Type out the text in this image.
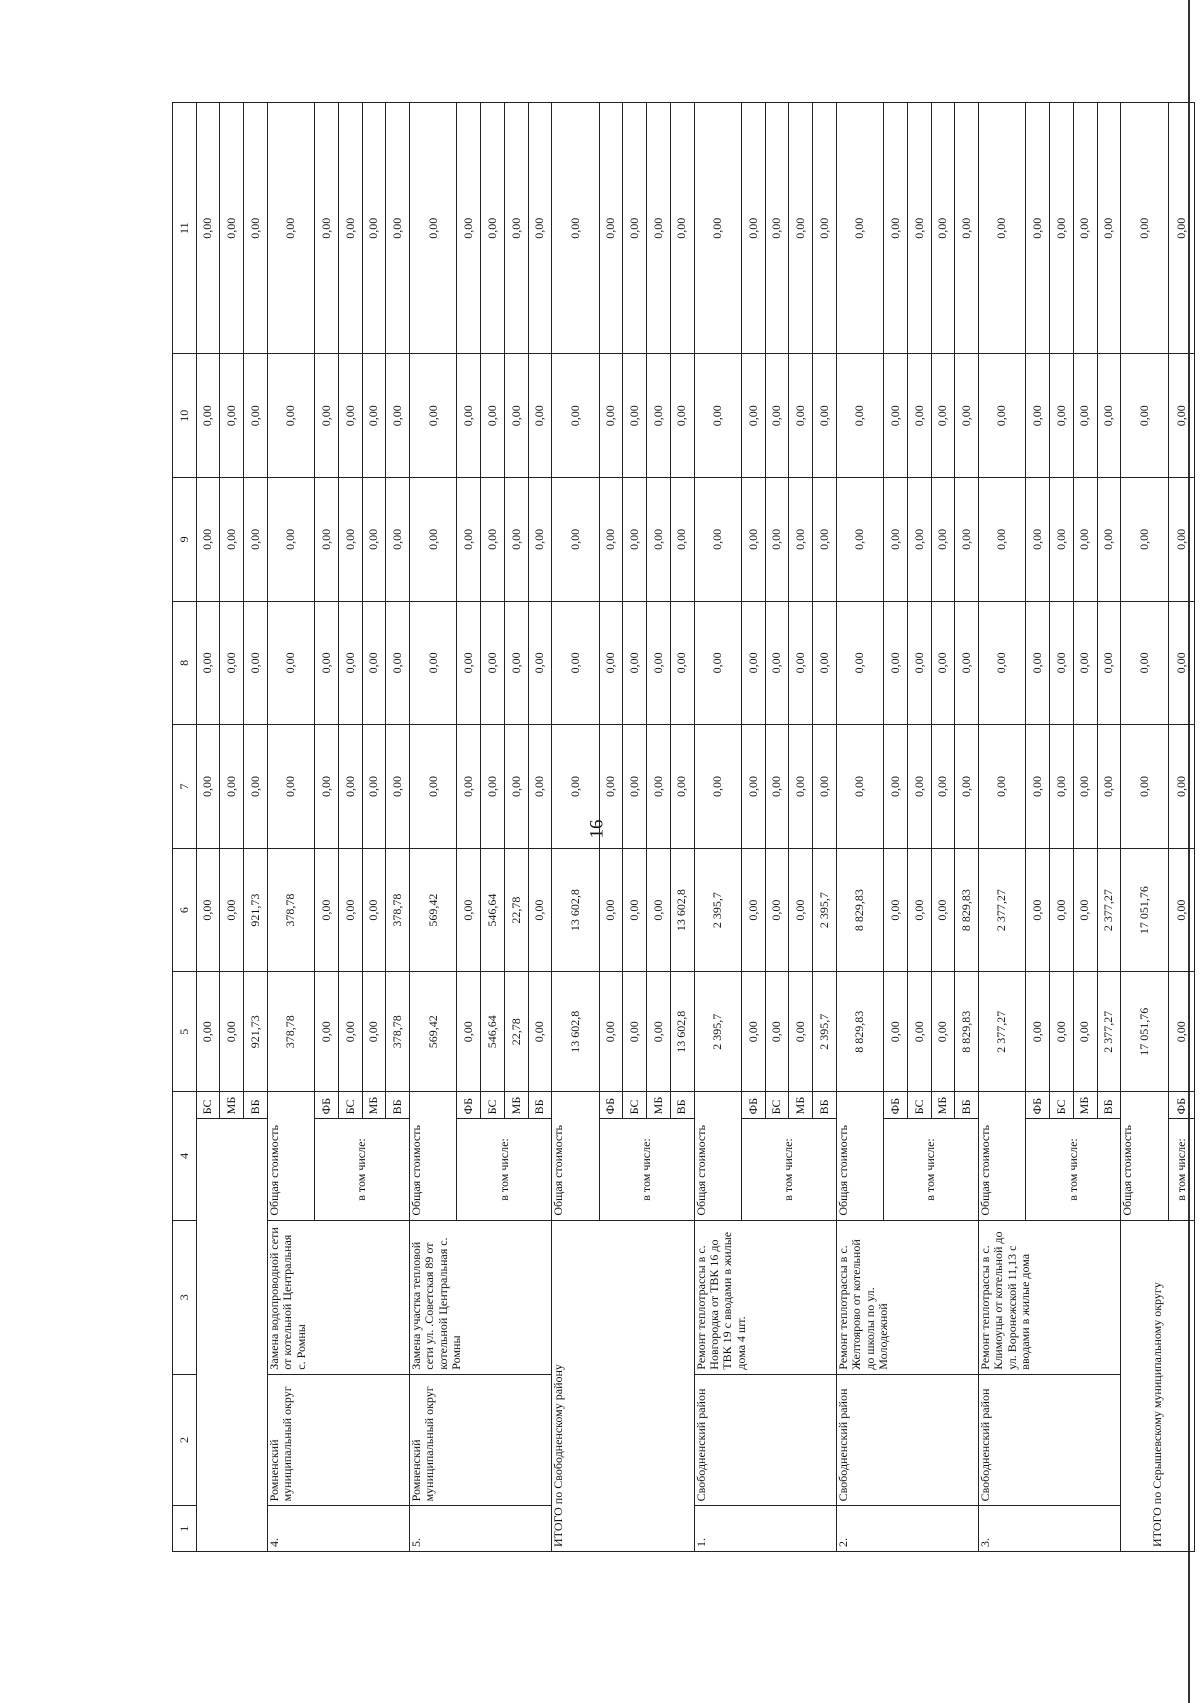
16
1	2	3	4		5	6	7	8	9	10	11
				БС	0,00	0,00	0,00	0,00	0,00	0,00	0,00
				МБ	0,00	0,00	0,00	0,00	0,00	0,00	0,00
				ВБ	921,73	921,73	0,00	0,00	0,00	0,00	0,00
4.	Ромненский муниципальный округ	Замена водопроводной сети от котельной Центральная с. Ромны	Общая стоимость		378,78	378,78	0,00	0,00	0,00	0,00	0,00
			в том числе:	ФБ	0,00	0,00	0,00	0,00	0,00	0,00	0,00
				БС	0,00	0,00	0,00	0,00	0,00	0,00	0,00
				МБ	0,00	0,00	0,00	0,00	0,00	0,00	0,00
				ВБ	378,78	378,78	0,00	0,00	0,00	0,00	0,00
5.	Ромненский муниципальный округ	Замена участка тепловой сети ул. .Советская 89 от котельной Центральная с. Ромны	Общая стоимость		569,42	569,42	0,00	0,00	0,00	0,00	0,00
			в том числе:	ФБ	0,00	0,00	0,00	0,00	0,00	0,00	0,00
				БС	546,64	546,64	0,00	0,00	0,00	0,00	0,00
				МБ	22,78	22,78	0,00	0,00	0,00	0,00	0,00
				ВБ	0,00	0,00	0,00	0,00	0,00	0,00	0,00
ИТОГО по Свободненскому району			Общая стоимость		13 602,8	13 602,8	0,00	0,00	0,00	0,00	0,00
			в том числе:	ФБ	0,00	0,00	0,00	0,00	0,00	0,00	0,00
				БС	0,00	0,00	0,00	0,00	0,00	0,00	0,00
				МБ	0,00	0,00	0,00	0,00	0,00	0,00	0,00
				ВБ	13 602,8	13 602,8	0,00	0,00	0,00	0,00	0,00
1.	Свободненский район	Ремонт теплотрассы в с. Новгородка от ТВК 16 до ТВК 19 с вводами в жилые дома 4 шт.	Общая стоимость		2 395,7	2 395,7	0,00	0,00	0,00	0,00	0,00
			в том числе:	ФБ	0,00	0,00	0,00	0,00	0,00	0,00	0,00
				БС	0,00	0,00	0,00	0,00	0,00	0,00	0,00
				МБ	0,00	0,00	0,00	0,00	0,00	0,00	0,00
				ВБ	2 395,7	2 395,7	0,00	0,00	0,00	0,00	0,00
2.	Свободненский район	Ремонт теплотрассы в с. Желтоярово от котельной до школы по ул. Молодежной	Общая стоимость		8 829,83	8 829,83	0,00	0,00	0,00	0,00	0,00
			в том числе:	ФБ	0,00	0,00	0,00	0,00	0,00	0,00	0,00
				БС	0,00	0,00	0,00	0,00	0,00	0,00	0,00
				МБ	0,00	0,00	0,00	0,00	0,00	0,00	0,00
				ВБ	8 829,83	8 829,83	0,00	0,00	0,00	0,00	0,00
3.	Свободненский район	Ремонт теплотрассы в с. Климоуцы от котельной до ул. Воронежской 11,13 с вводами в жилые дома	Общая стоимость		2 377,27	2 377,27	0,00	0,00	0,00	0,00	0,00
			в том числе:	ФБ	0,00	0,00	0,00	0,00	0,00	0,00	0,00
				БС	0,00	0,00	0,00	0,00	0,00	0,00	0,00
				МБ	0,00	0,00	0,00	0,00	0,00	0,00	0,00
				ВБ	2 377,27	2 377,27	0,00	0,00	0,00	0,00	0,00
ИТОГО по Серышевскому муниципальному округу			Общая стоимость		17 051,76	17 051,76	0,00	0,00	0,00	0,00	0,00
			в том числе:	ФБ	0,00	0,00	0,00	0,00	0,00	0,00	0,00
